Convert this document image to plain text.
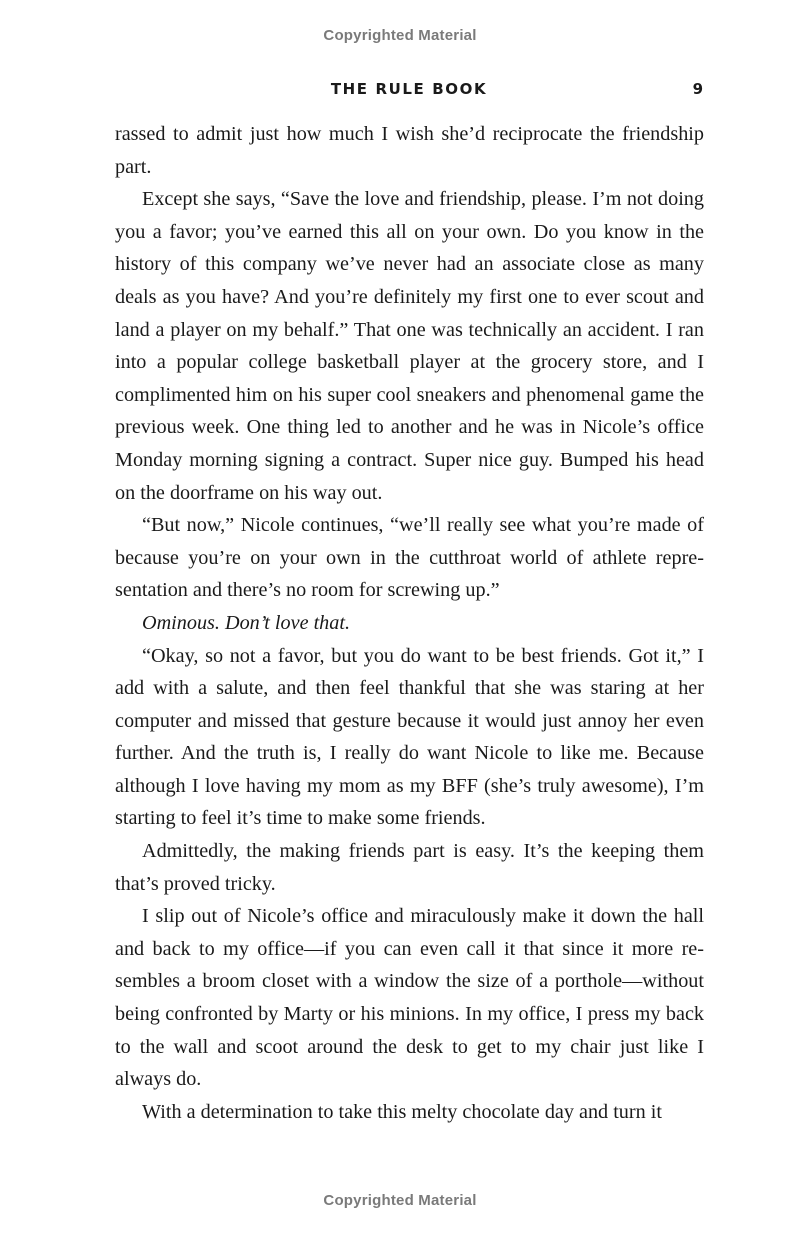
Copyrighted Material
THE RULE BOOK	9

rassed to admit just how much I wish she’d reciprocate the friendship part.

Except she says, “Save the love and friendship, please. I’m not doing you a favor; you’ve earned this all on your own. Do you know in the history of this company we’ve never had an associate close as many deals as you have? And you’re definitely my first one to ever scout and land a player on my behalf.” That one was technically an accident. I ran into a popular college basketball player at the grocery store, and I complimented him on his super cool sneakers and phenomenal game the previous week. One thing led to another and he was in Nicole’s office Monday morning signing a contract. Super nice guy. Bumped his head on the doorframe on his way out.

“But now,” Nicole continues, “we’ll really see what you’re made of because you’re on your own in the cutthroat world of athlete representation and there’s no room for screwing up.”

Ominous. Don’t love that.

“Okay, so not a favor, but you do want to be best friends. Got it,” I add with a salute, and then feel thankful that she was staring at her computer and missed that gesture because it would just annoy her even further. And the truth is, I really do want Nicole to like me. Because although I love having my mom as my BFF (she’s truly awesome), I’m starting to feel it’s time to make some friends.

Admittedly, the making friends part is easy. It’s the keeping them that’s proved tricky.

I slip out of Nicole’s office and miraculously make it down the hall and back to my office—if you can even call it that since it more resembles a broom closet with a window the size of a porthole—without being confronted by Marty or his minions. In my office, I press my back to the wall and scoot around the desk to get to my chair just like I always do.

With a determination to take this melty chocolate day and turn it

Copyrighted Material
